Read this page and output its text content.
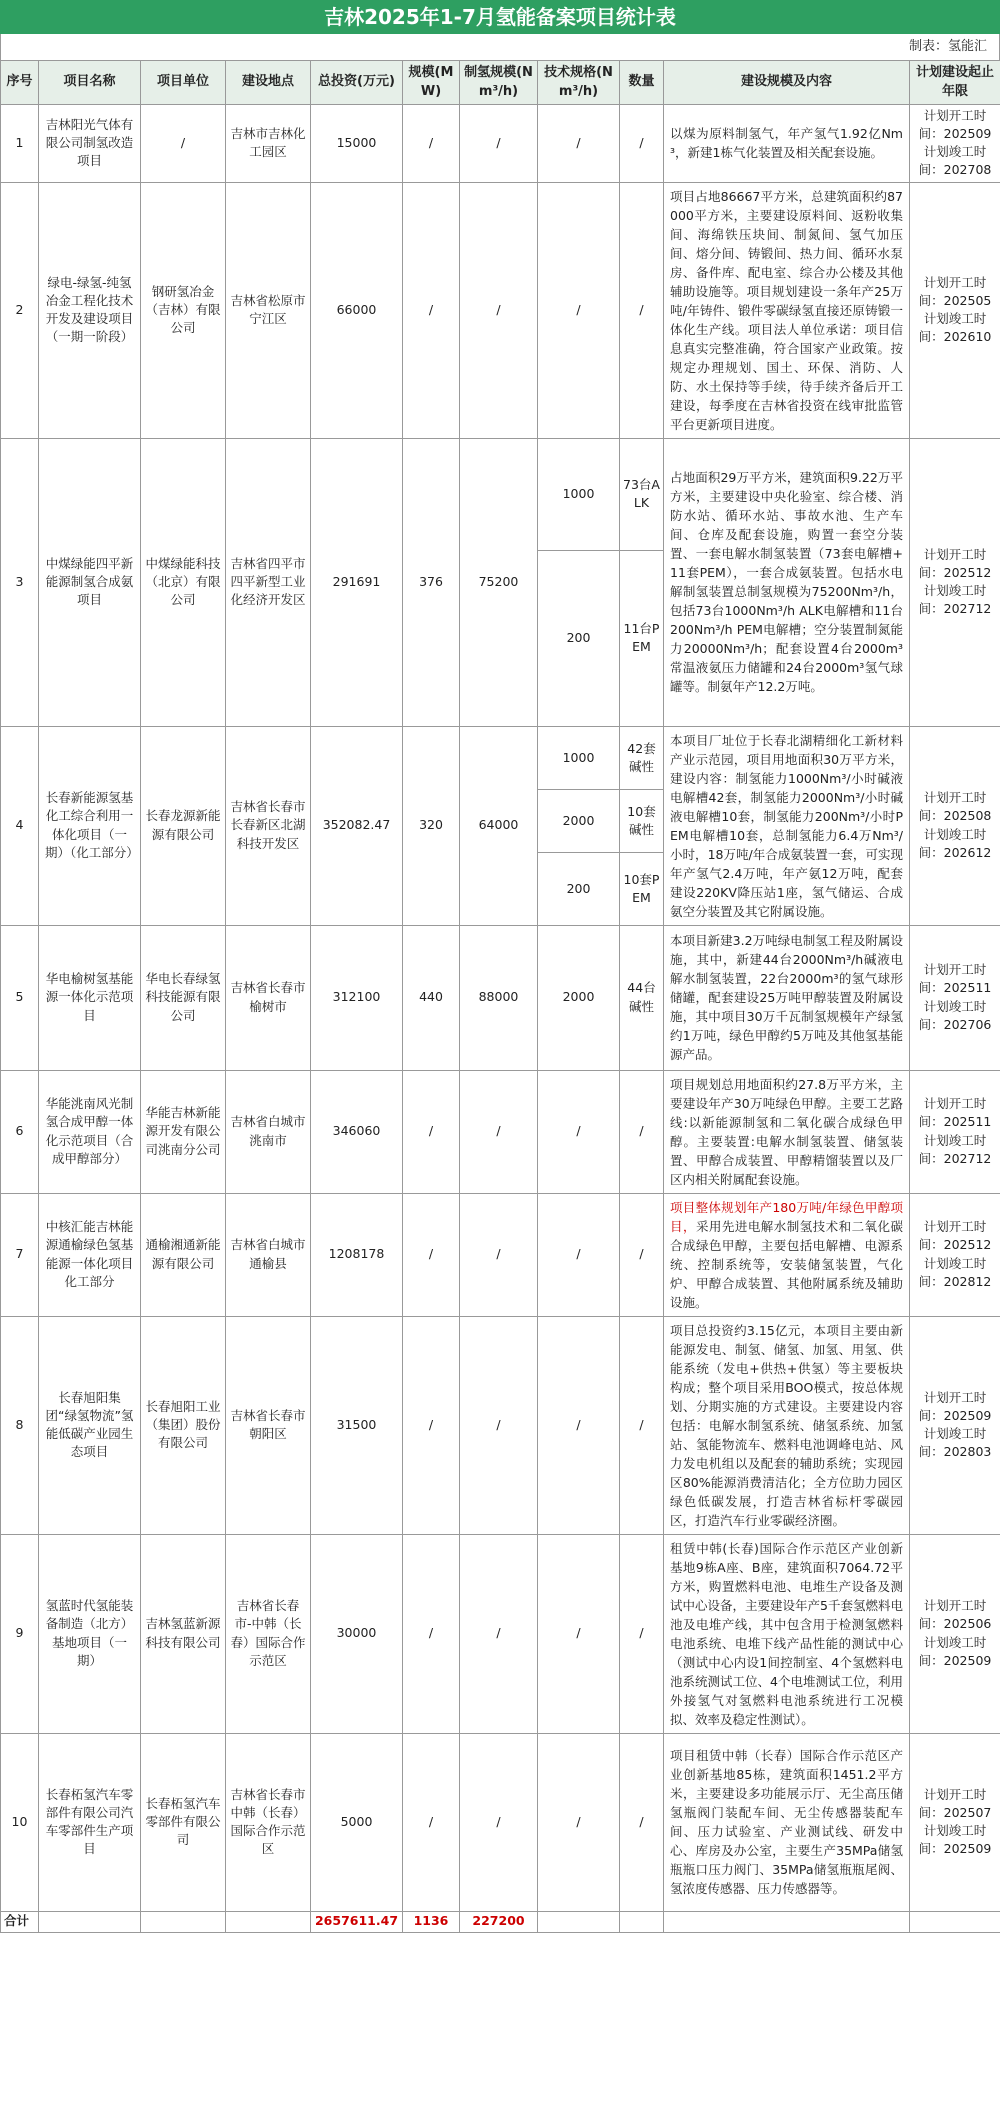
吉林2025年1-7月氢能备案项目统计表
制表：氢能汇
序号	项目名称	项目单位	建设地点	总投资(万元)	规模(MW)	制氢规模(Nm³/h)	技术规格(Nm³/h)	数量	建设规模及内容	计划建设起止年限
1	吉林阳光气体有限公司制氢改造项目	/	吉林市吉林化工园区	15000	/	/	/	/	以煤为原料制氢气，年产氢气1.92亿Nm³，新建1栋气化装置及相关配套设施。	计划开工时间：202509 计划竣工时间：202708
2	绿电-绿氢-纯氢冶金工程化技术开发及建设项目（一期一阶段）	钢研氢冶金（吉林）有限公司	吉林省松原市宁江区	66000	/	/	/	/	项目占地86667平方米，总建筑面积约87000平方米，主要建设原料间、返粉收集间、海绵铁压块间、制氮间、氢气加压间、熔分间、铸锻间、热力间、循环水泵房、备件库、配电室、综合办公楼及其他辅助设施等。项目规划建设一条年产25万吨/年铸件、锻件零碳绿氢直接还原铸锻一体化生产线。项目法人单位承诺：项目信息真实完整准确，符合国家产业政策。按规定办理规划、国土、环保、消防、人防、水土保持等手续，待手续齐备后开工建设，每季度在吉林省投资在线审批监管平台更新项目进度。	计划开工时间：202505 计划竣工时间：202610
3	中煤绿能四平新能源制氢合成氨项目	中煤绿能科技（北京）有限公司	吉林省四平市四平新型工业化经济开发区	291691	376	75200	1000	73台ALK	占地面积29万平方米，建筑面积9.22万平方米，主要建设中央化验室、综合楼、消防水站、循环水站、事故水池、生产车间、仓库及配套设施，购置一套空分装置、一套电解水制氢装置（73套电解槽+11套PEM），一套合成氨装置。包括水电解制氢装置总制氢规模为75200Nm³/h，包括73台1000Nm³/h ALK电解槽和11台200Nm³/h PEM电解槽；空分装置制氮能力20000Nm³/h；配套设置4台2000m³常温液氨压力储罐和24台2000m³氢气球罐等。制氨年产12.2万吨。	计划开工时间：202512 计划竣工时间：202712
							200	11台PEM		
4	长春新能源氢基化工综合利用一体化项目（一期）（化工部分）	长春龙源新能源有限公司	吉林省长春市长春新区北湖科技开发区	352082.47	320	64000	1000	42套碱性	本项目厂址位于长春北湖精细化工新材料产业示范园，项目用地面积30万平方米，建设内容：制氢能力1000Nm³/小时碱液电解槽42套，制氢能力2000Nm³/小时碱液电解槽10套，制氢能力200Nm³/小时PEM电解槽10套，总制氢能力6.4万Nm³/小时，18万吨/年合成氨装置一套，可实现年产氢气2.4万吨，年产氨12万吨，配套建设220KV降压站1座，氢气储运、合成氨空分装置及其它附属设施。	计划开工时间：202508 计划竣工时间：202612
							2000	10套碱性		
							200	10套PEM		
5	华电榆树氢基能源一体化示范项目	华电长春绿氢科技能源有限公司	吉林省长春市榆树市	312100	440	88000	2000	44台碱性	本项目新建3.2万吨绿电制氢工程及附属设施，其中，新建44台2000Nm³/h碱液电解水制氢装置，22台2000m³的氢气球形储罐，配套建设25万吨甲醇装置及附属设施，其中项目30万千瓦制氢规模年产绿氢约1万吨，绿色甲醇约5万吨及其他氢基能源产品。	计划开工时间：202511 计划竣工时间：202706
6	华能洮南风光制氢合成甲醇一体化示范项目（合成甲醇部分）	华能吉林新能源开发有限公司洮南分公司	吉林省白城市洮南市	346060	/	/	/	/	项目规划总用地面积约27.8万平方米，主要建设年产30万吨绿色甲醇。主要工艺路线:以新能源制氢和二氧化碳合成绿色甲醇。主要装置:电解水制氢装置、储氢装置、甲醇合成装置、甲醇精馏装置以及厂区内相关附属配套设施。	计划开工时间：202511 计划竣工时间：202712
7	中核汇能吉林能源通榆绿色氢基能源一体化项目化工部分	通榆湘通新能源有限公司	吉林省白城市通榆县	1208178	/	/	/	/	项目整体规划年产180万吨/年绿色甲醇项目，采用先进电解水制氢技术和二氧化碳合成绿色甲醇，主要包括电解槽、电源系统、控制系统等，安装储氢装置，气化炉、甲醇合成装置、其他附属系统及辅助设施。	计划开工时间：202512 计划竣工时间：202812
8	长春旭阳集团“绿氢物流”氢能低碳产业园生态项目	长春旭阳工业（集团）股份有限公司	吉林省长春市朝阳区	31500	/	/	/	/	项目总投资约3.15亿元，本项目主要由新能源发电、制氢、储氢、加氢、用氢、供能系统（发电+供热+供氢）等主要板块构成；整个项目采用BOO模式，按总体规划、分期实施的方式建设。主要建设内容包括：电解水制氢系统、储氢系统、加氢站、氢能物流车、燃料电池调峰电站、风力发电机组以及配套的辅助系统；实现园区80%能源消费清洁化；全方位助力园区绿色低碳发展，打造吉林省标杆零碳园区，打造汽车行业零碳经济圈。	计划开工时间：202509 计划竣工时间：202803
9	氢蓝时代氢能装备制造（北方）基地项目（一期）	吉林氢蓝新源科技有限公司	吉林省长春市-中韩（长春）国际合作示范区	30000	/	/	/	/	租赁中韩(长春)国际合作示范区产业创新基地9栋A座、B座，建筑面积7064.72平方米，购置燃料电池、电堆生产设备及测试中心设备，主要建设年产5千套氢燃料电池及电堆产线，其中包含用于检测氢燃料电池系统、电堆下线产品性能的测试中心（测试中心内设1间控制室、4个氢燃料电池系统测试工位、4个电堆测试工位，利用外接氢气对氢燃料电池系统进行工况模拟、效率及稳定性测试）。	计划开工时间：202506 计划竣工时间：202509
10	长春柘氢汽车零部件有限公司汽车零部件生产项目	长春柘氢汽车零部件有限公司	吉林省长春市中韩（长春）国际合作示范区	5000	/	/	/	/	项目租赁中韩（长春）国际合作示范区产业创新基地85栋，建筑面积1451.2平方米，主要建设多功能展示厅、无尘高压储氢瓶阀门装配车间、无尘传感器装配车间、压力试验室、产业测试线、研发中心、库房及办公室，主要生产35MPa储氢瓶瓶口压力阀门、35MPa储氢瓶瓶尾阀、氢浓度传感器、压力传感器等。	计划开工时间：202507 计划竣工时间：202509
合计				2657611.47	1136	227200				
